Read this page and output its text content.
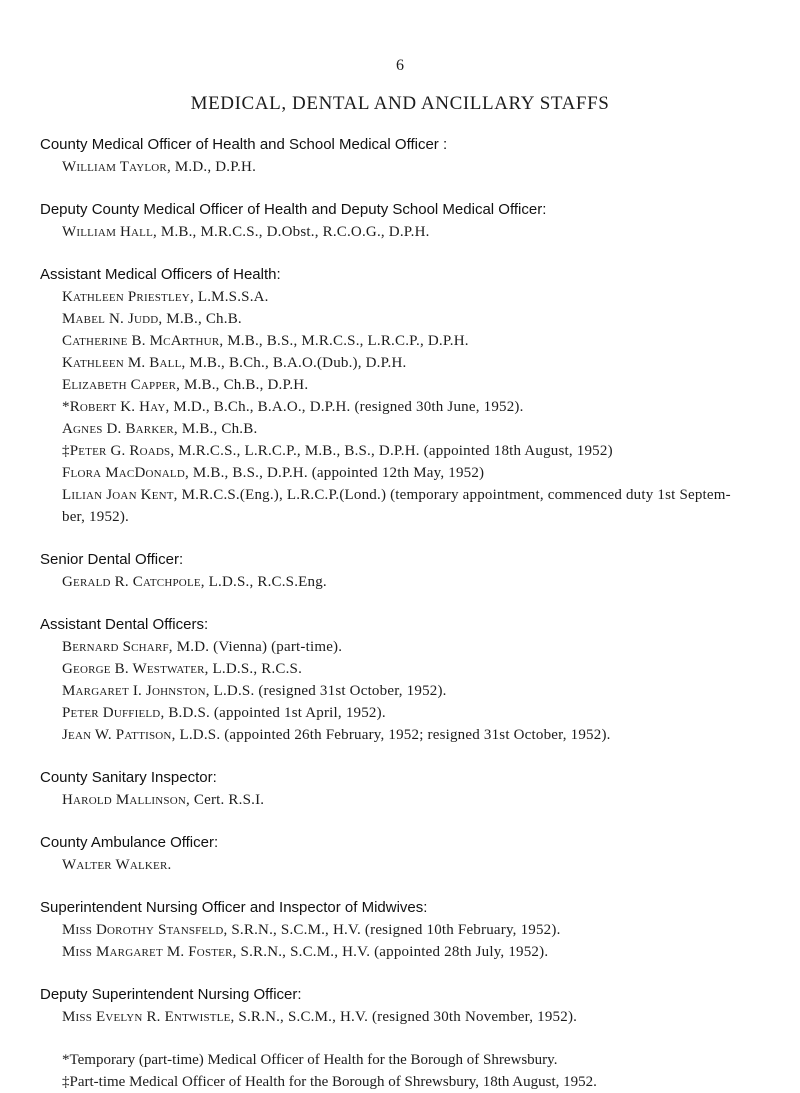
6
MEDICAL, DENTAL AND ANCILLARY STAFFS
County Medical Officer of Health and School Medical Officer :
William Taylor, M.D., D.P.H.
Deputy County Medical Officer of Health and Deputy School Medical Officer:
William Hall, M.B., M.R.C.S., D.Obst., R.C.O.G., D.P.H.
Assistant Medical Officers of Health:
Kathleen Priestley, L.M.S.S.A.
Mabel N. Judd, M.B., Ch.B.
Catherine B. McArthur, M.B., B.S., M.R.C.S., L.R.C.P., D.P.H.
Kathleen M. Ball, M.B., B.Ch., B.A.O.(Dub.), D.P.H.
Elizabeth Capper, M.B., Ch.B., D.P.H.
*Robert K. Hay, M.D., B.Ch., B.A.O., D.P.H. (resigned 30th June, 1952).
Agnes D. Barker, M.B., Ch.B.
‡Peter G. Roads, M.R.C.S., L.R.C.P., M.B., B.S., D.P.H. (appointed 18th August, 1952)
Flora MacDonald, M.B., B.S., D.P.H. (appointed 12th May, 1952)
Lilian Joan Kent, M.R.C.S.(Eng.), L.R.C.P.(Lond.) (temporary appointment, commenced duty 1st Septem-
ber, 1952).
Senior Dental Officer:
Gerald R. Catchpole, L.D.S., R.C.S.Eng.
Assistant Dental Officers:
Bernard Scharf, M.D. (Vienna) (part-time).
George B. Westwater, L.D.S., R.C.S.
Margaret I. Johnston, L.D.S. (resigned 31st October, 1952).
Peter Duffield, B.D.S. (appointed 1st April, 1952).
Jean W. Pattison, L.D.S. (appointed 26th February, 1952; resigned 31st October, 1952).
County Sanitary Inspector:
Harold Mallinson, Cert. R.S.I.
County Ambulance Officer:
Walter Walker.
Superintendent Nursing Officer and Inspector of Midwives:
Miss Dorothy Stansfeld, S.R.N., S.C.M., H.V. (resigned 10th February, 1952).
Miss Margaret M. Foster, S.R.N., S.C.M., H.V. (appointed 28th July, 1952).
Deputy Superintendent Nursing Officer:
Miss Evelyn R. Entwistle, S.R.N., S.C.M., H.V. (resigned 30th November, 1952).
*Temporary (part-time) Medical Officer of Health for the Borough of Shrewsbury.
‡Part-time Medical Officer of Health for the Borough of Shrewsbury, 18th August, 1952.
